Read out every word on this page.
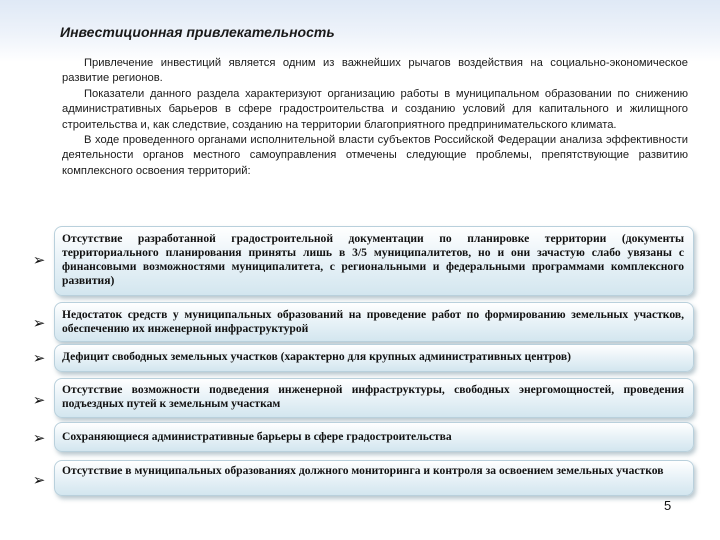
Инвестиционная привлекательность

Привлечение инвестиций является одним из важнейших рычагов воздействия на социально-экономическое развитие регионов.

Показатели данного раздела характеризуют организацию работы в муниципальном образовании по снижению административных барьеров в сфере градостроительства и созданию условий для капитального и жилищного строительства и, как следствие, созданию на территории благоприятного предпринимательского климата.

В ходе проведенного органами исполнительной власти субъектов Российской Федерации анализа эффективности деятельности органов местного самоуправления отмечены следующие проблемы, препятствующие развитию комплексного освоения территорий:

➢
Отсутствие разработанной градостроительной документации по планировке территории (документы территориального планирования приняты лишь в 3/5 муниципалитетов, но и они зачастую слабо увязаны с финансовыми возможностями муниципалитета, с региональными и федеральными программами комплексного развития)
➢ Недостаток средств у муниципальных образований на проведение работ по формированию земельных участков, обеспечению их инженерной инфраструктурой
➢ Дефицит свободных земельных участков (характерно для крупных административных центров)
➢
Отсутствие возможности подведения инженерной инфраструктуры, свободных энергомощностей, проведения подъездных путей к земельным участкам
➢ Сохраняющиеся административные барьеры в сфере градостроительства
➢
Отсутствие в муниципальных образованиях должного мониторинга и контроля за освоением земельных участков
5
